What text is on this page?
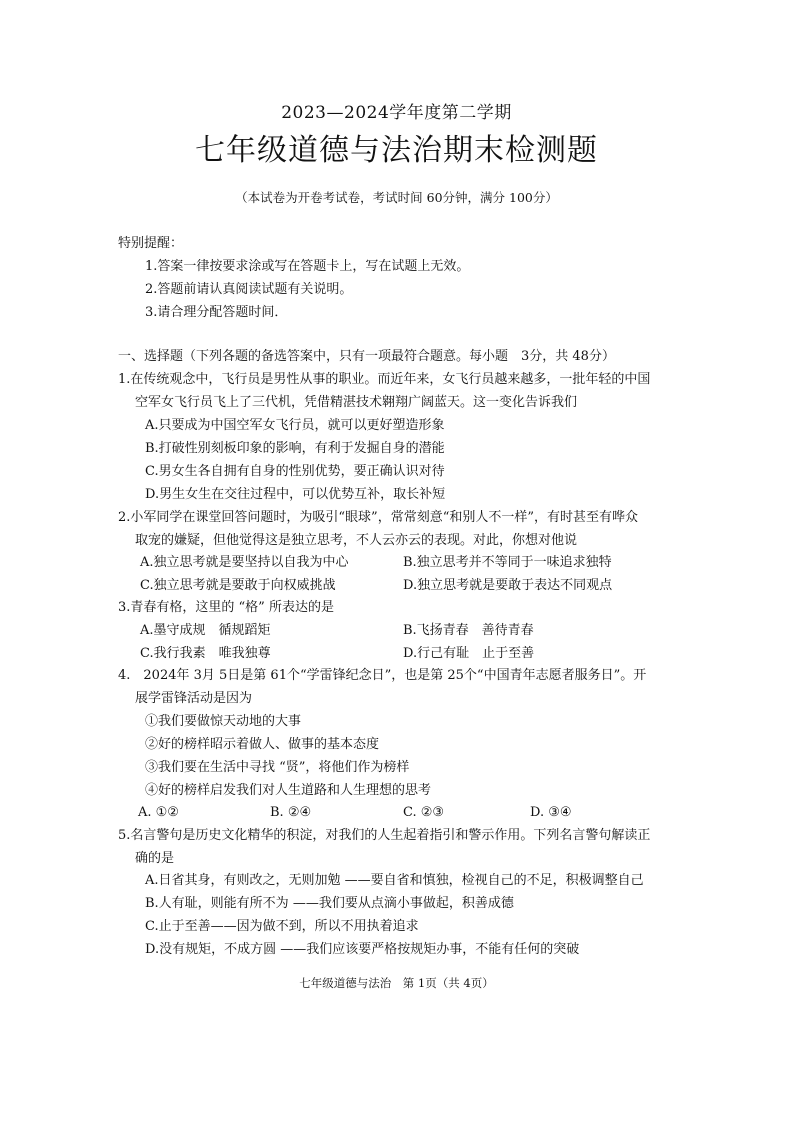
2023—2024学年度第二学期
七年级道德与法治期末检测题
（本试卷为开卷考试卷，考试时间 60分钟，满分 100分）
特别提醒：
1.答案一律按要求涂或写在答题卡上，写在试题上无效。
2.答题前请认真阅读试题有关说明。
3.请合理分配答题时间．
一、选择题（下列各题的备选答案中，只有一项最符合题意。每小题　3分，共 48分）
1.在传统观念中，飞行员是男性从事的职业。而近年来，女飞行员越来越多，一批年轻的中国
空军女飞行员飞上了三代机，凭借精湛技术翱翔广阔蓝天。这一变化告诉我们
A.只要成为中国空军女飞行员，就可以更好塑造形象
B.打破性别刻板印象的影响，有利于发掘自身的潜能
C.男女生各自拥有自身的性别优势，要正确认识对待
D.男生女生在交往过程中，可以优势互补，取长补短
2.小军同学在课堂回答问题时，为吸引“眼球”，常常刻意“和别人不一样”，有时甚至有哗众
取宠的嫌疑，但他觉得这是独立思考，不人云亦云的表现。对此，你想对他说
A.独立思考就是要坚持以自我为中心	B.独立思考并不等同于一味追求独特
C.独立思考就是要敢于向权威挑战	D.独立思考就是要敢于表达不同观点
3.青春有格，这里的 “格” 所表达的是
A.墨守成规　循规蹈矩	B.飞扬青春　善待青春
C.我行我素　唯我独尊	D.行己有耻　止于至善
4.　2024年 3月 5日是第 61个“学雷锋纪念日”，也是第 25个“中国青年志愿者服务日”。开
展学雷锋活动是因为
①我们要做惊天动地的大事
②好的榜样昭示着做人、做事的基本态度
③我们要在生活中寻找 “贤”，将他们作为榜样
④好的榜样启发我们对人生道路和人生理想的思考
A. ①②	B. ②④	C. ②③	D. ③④
5.名言警句是历史文化精华的积淀，对我们的人生起着指引和警示作用。下列名言警句解读正
确的是
A.日省其身，有则改之，无则加勉 ——要自省和慎独，检视自己的不足，积极调整自己
B.人有耻，则能有所不为 ——我们要从点滴小事做起，积善成德
C.止于至善——因为做不到，所以不用执着追求
D.没有规矩，不成方圆 ——我们应该要严格按规矩办事，不能有任何的突破
七年级道德与法治　第 1页（共 4页）
